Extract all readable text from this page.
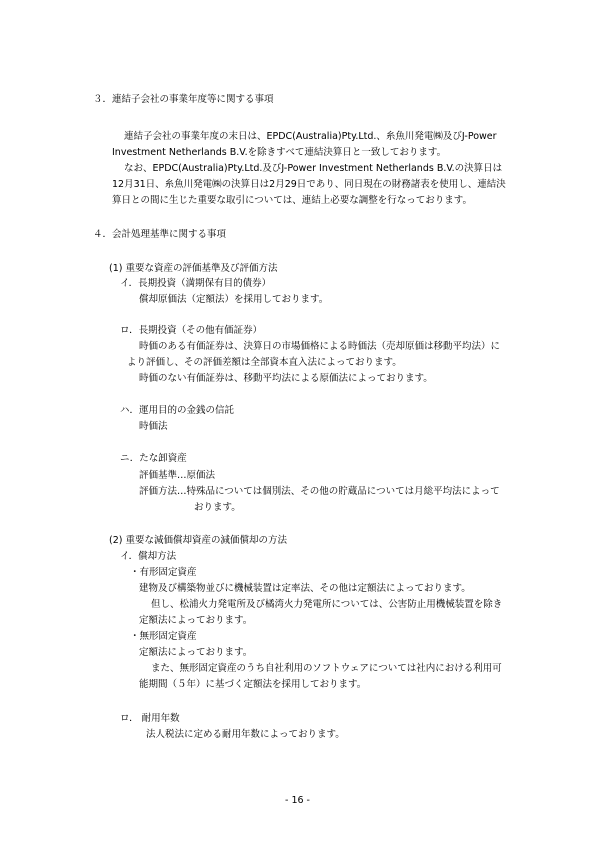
３．連結子会社の事業年度等に関する事項
連結子会社の事業年度の末日は、EPDC(Australia)Pty.Ltd.、糸魚川発電㈱及びJ-Power
Investment Netherlands B.V.を除きすべて連結決算日と一致しております。
なお、EPDC(Australia)Pty.Ltd.及びJ-Power Investment Netherlands B.V.の決算日は
12月31日、糸魚川発電㈱の決算日は2月29日であり、同日現在の財務諸表を使用し、連結決
算日との間に生じた重要な取引については、連結上必要な調整を行なっております。
４．会計処理基準に関する事項
(1) 重要な資産の評価基準及び評価方法
イ．長期投資（満期保有目的債券）
償却原価法（定額法）を採用しております。
ロ．長期投資（その他有価証券）
時価のある有価証券は、決算日の市場価格による時価法（売却原価は移動平均法）に
より評価し、その評価差額は全部資本直入法によっております。
時価のない有価証券は、移動平均法による原価法によっております。
ハ．運用目的の金銭の信託
時価法
ニ．たな卸資産
評価基準…原価法
評価方法…特殊品については個別法、その他の貯蔵品については月総平均法によって
おります。
(2) 重要な減価償却資産の減価償却の方法
イ．償却方法
・有形固定資産
建物及び構築物並びに機械装置は定率法、その他は定額法によっております。
但し、松浦火力発電所及び橘湾火力発電所については、公害防止用機械装置を除き
定額法によっております。
・無形固定資産
定額法によっております。
また、無形固定資産のうち自社利用のソフトウェアについては社内における利用可
能期間（５年）に基づく定額法を採用しております。
ロ． 耐用年数
法人税法に定める耐用年数によっております。
- 16 -
